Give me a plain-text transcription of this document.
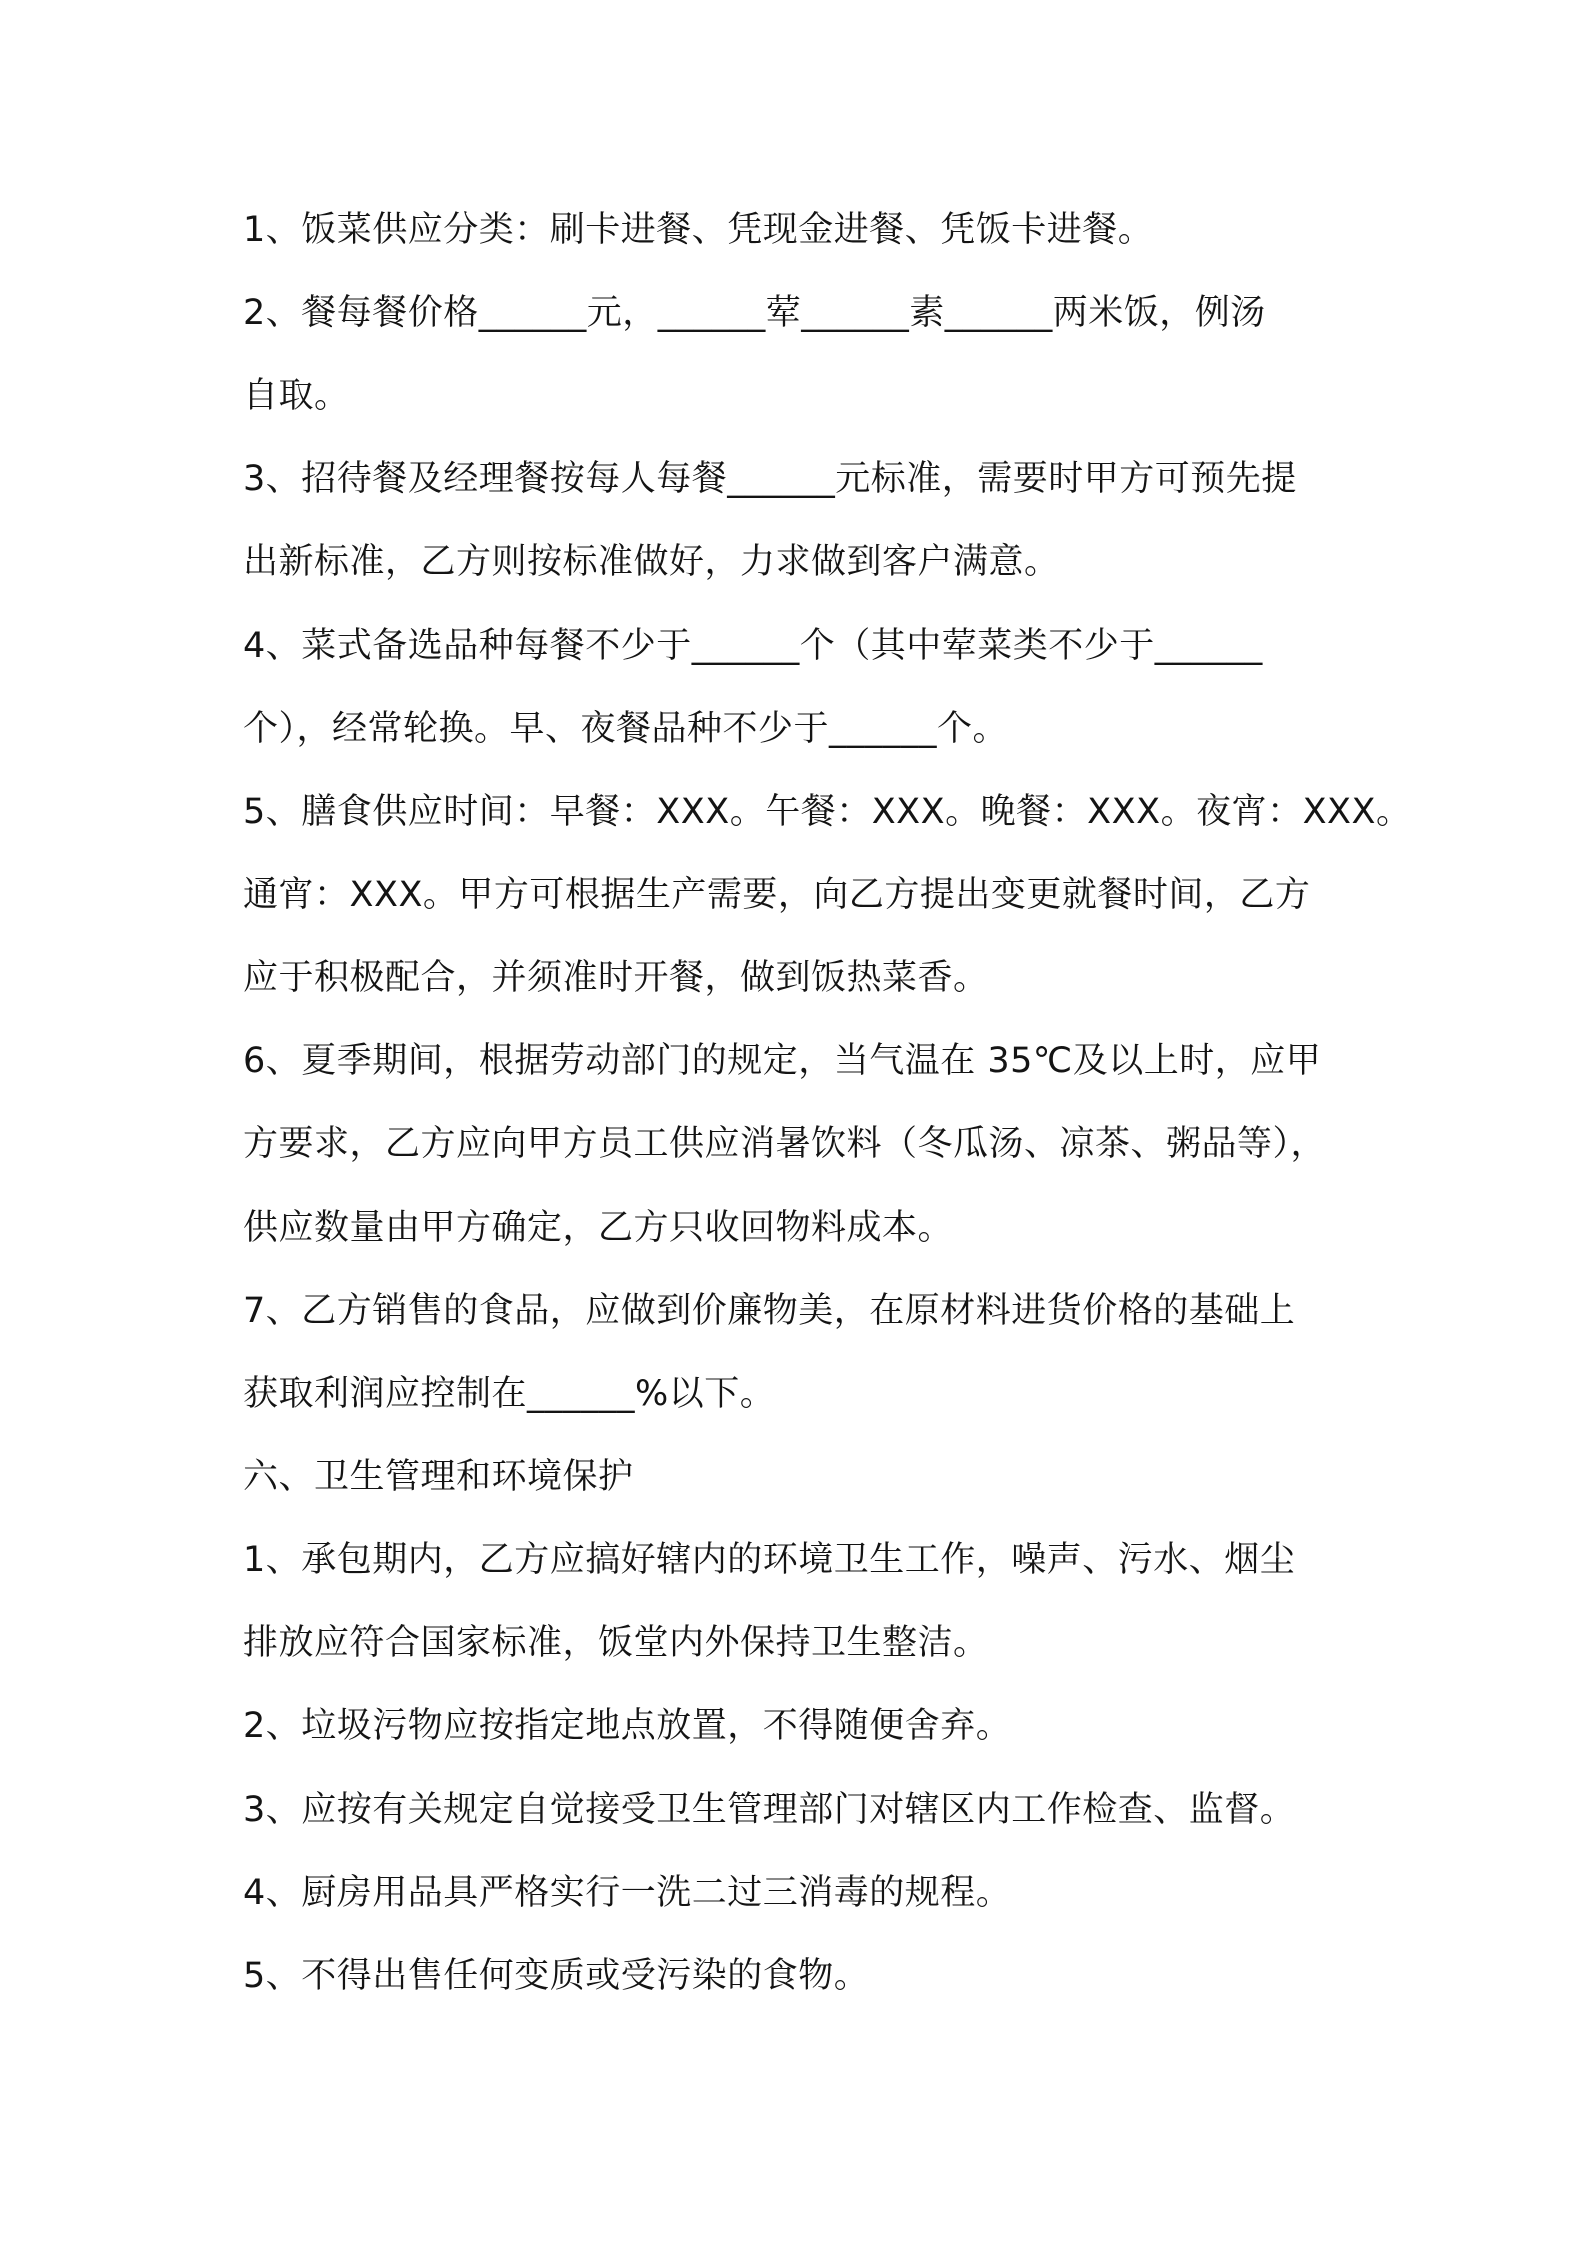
1、饭菜供应分类：刷卡进餐、凭现金进餐、凭饭卡进餐。
2、餐每餐价格______元，______荤______素______两米饭，例汤
自取。
3、招待餐及经理餐按每人每餐______元标准，需要时甲方可预先提
出新标准，乙方则按标准做好，力求做到客户满意。
4、菜式备选品种每餐不少于______个（其中荤菜类不少于______
个），经常轮换。早、夜餐品种不少于______个。
5、膳食供应时间：早餐：XXX。午餐：XXX。晚餐：XXX。夜宵：XXX。
通宵：XXX。甲方可根据生产需要，向乙方提出变更就餐时间，乙方
应于积极配合，并须准时开餐，做到饭热菜香。
6、夏季期间，根据劳动部门的规定，当气温在 35℃及以上时，应甲
方要求，乙方应向甲方员工供应消暑饮料（冬瓜汤、凉茶、粥品等），
供应数量由甲方确定，乙方只收回物料成本。
7、乙方销售的食品，应做到价廉物美，在原材料进货价格的基础上
获取利润应控制在______%以下。
六、卫生管理和环境保护
1、承包期内，乙方应搞好辖内的环境卫生工作，噪声、污水、烟尘
排放应符合国家标准，饭堂内外保持卫生整洁。
2、垃圾污物应按指定地点放置，不得随便舍弃。
3、应按有关规定自觉接受卫生管理部门对辖区内工作检查、监督。
4、厨房用品具严格实行一洗二过三消毒的规程。
5、不得出售任何变质或受污染的食物。
